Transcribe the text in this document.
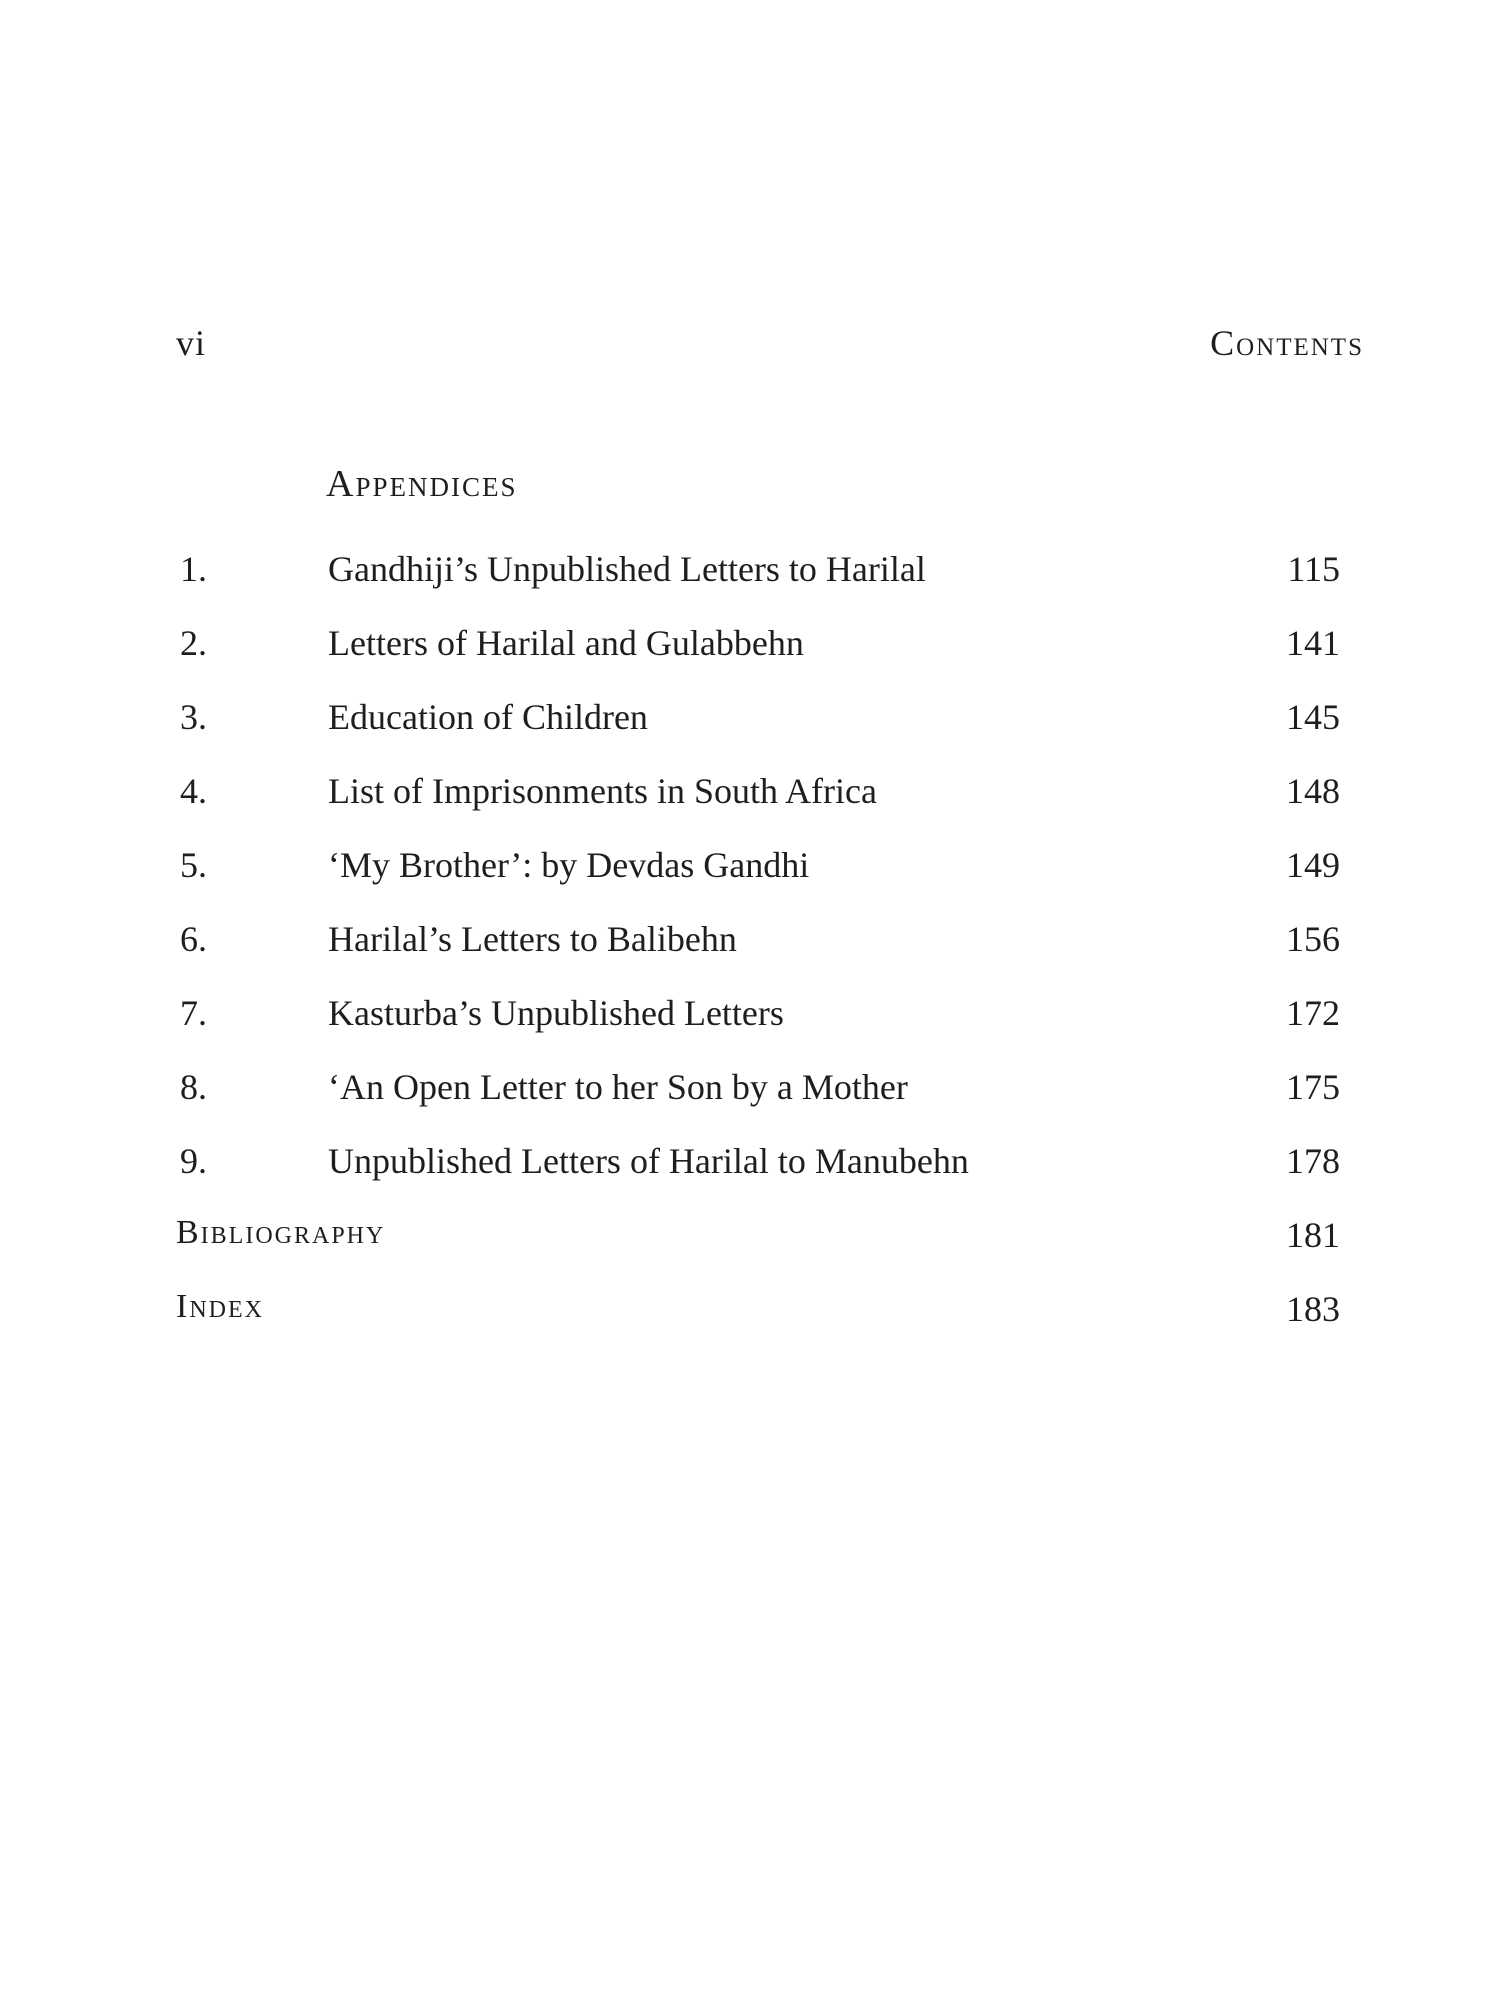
vi	Contents
Appendices
1.	Gandhiji’s Unpublished Letters to Harilal	115
2.	Letters of Harilal and Gulabbehn	141
3.	Education of Children	145
4.	List of Imprisonments in South Africa	148
5.	‘My Brother’: by Devdas Gandhi	149
6.	Harilal’s Letters to Balibehn	156
7.	Kasturba’s Unpublished Letters	172
8.	‘An Open Letter to her Son by a Mother	175
9.	Unpublished Letters of Harilal to Manubehn	178
Bibliography	181
Index	183
